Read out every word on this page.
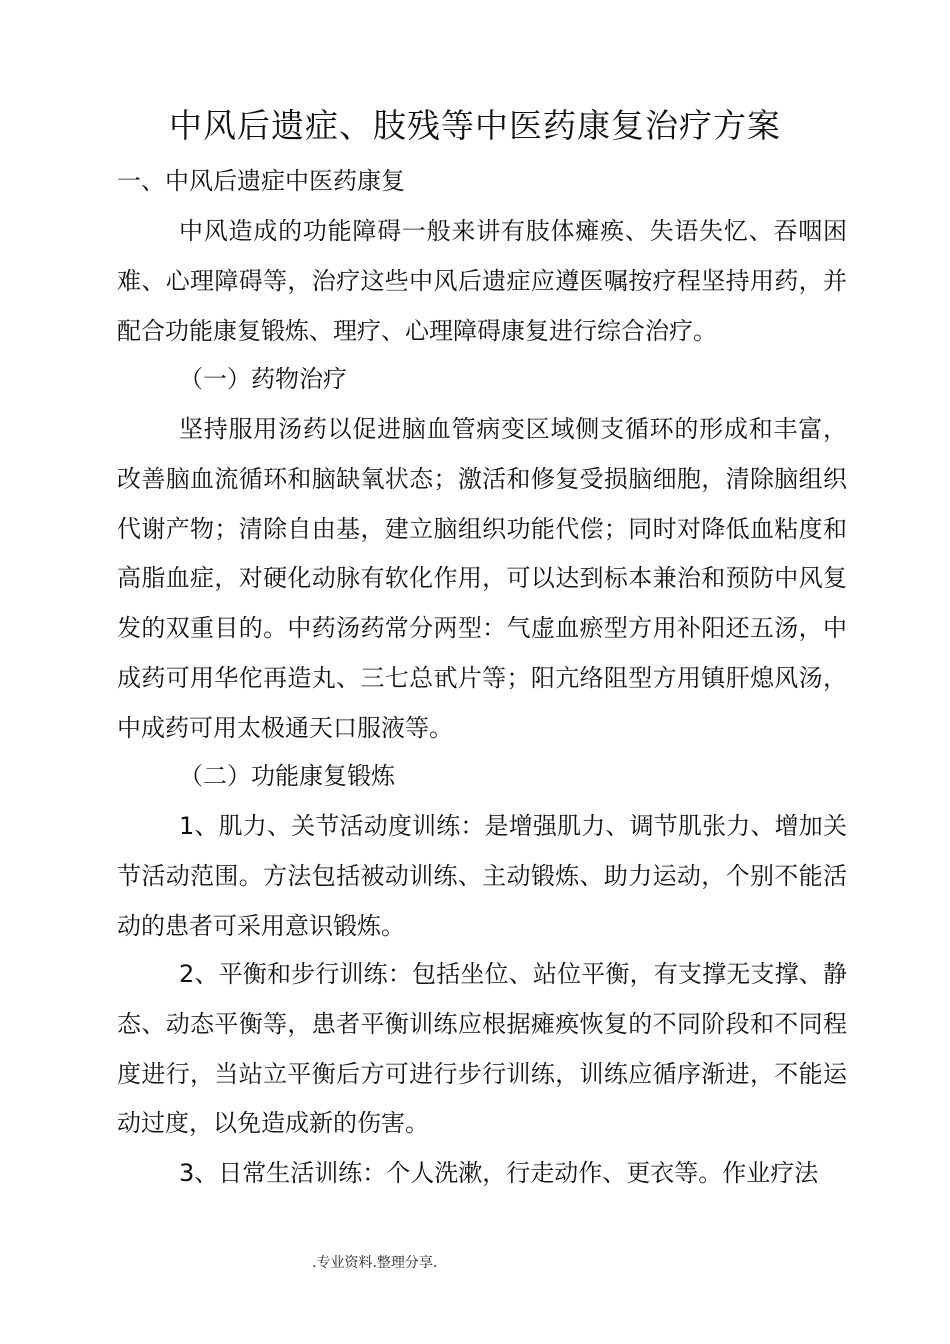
中风后遗症、肢残等中医药康复治疗方案

一、中风后遗症中医药康复

中风造成的功能障碍一般来讲有肢体瘫痪、失语失忆、吞咽困难、心理障碍等，治疗这些中风后遗症应遵医嘱按疗程坚持用药，并配合功能康复锻炼、理疗、心理障碍康复进行综合治疗。

（一）药物治疗

坚持服用汤药以促进脑血管病变区域侧支循环的形成和丰富，改善脑血流循环和脑缺氧状态；激活和修复受损脑细胞，清除脑组织代谢产物；清除自由基，建立脑组织功能代偿；同时对降低血粘度和高脂血症，对硬化动脉有软化作用，可以达到标本兼治和预防中风复发的双重目的。中药汤药常分两型：气虚血瘀型方用补阳还五汤，中成药可用华佗再造丸、三七总甙片等；阳亢络阻型方用镇肝熄风汤，中成药可用太极通天口服液等。

（二）功能康复锻炼

1、肌力、关节活动度训练：是增强肌力、调节肌张力、增加关节活动范围。方法包括被动训练、主动锻炼、助力运动，个别不能活动的患者可采用意识锻炼。

2、平衡和步行训练：包括坐位、站位平衡，有支撑无支撑、静态、动态平衡等，患者平衡训练应根据瘫痪恢复的不同阶段和不同程度进行，当站立平衡后方可进行步行训练，训练应循序渐进，不能运动过度，以免造成新的伤害。

3、日常生活训练：个人洗漱，行走动作、更衣等。作业疗法

.专业资料.整理分享.
